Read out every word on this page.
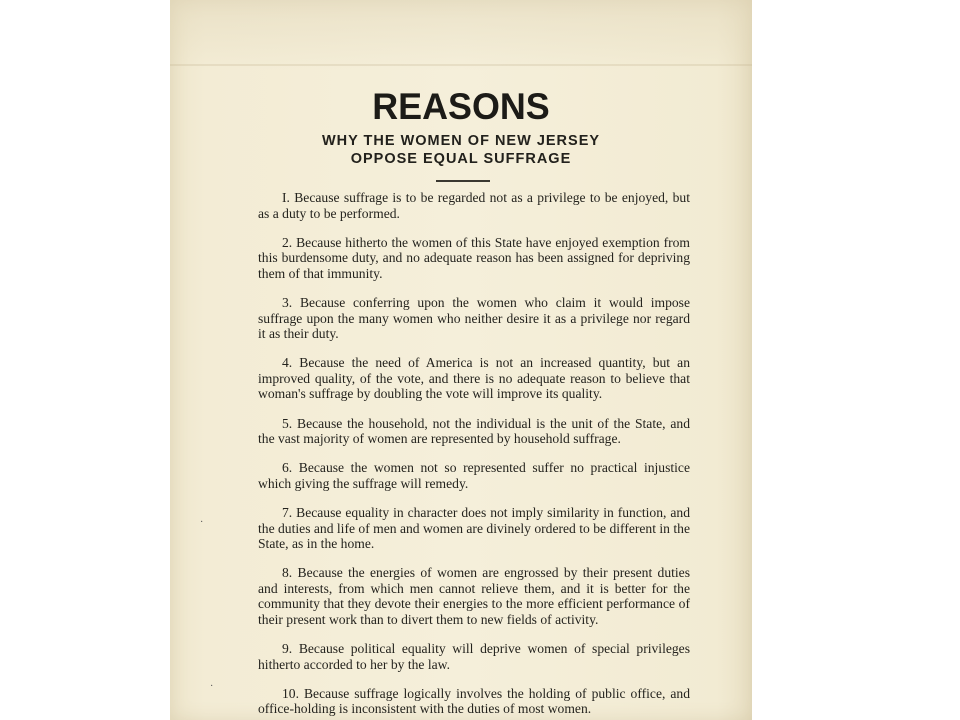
REASONS
WHY THE WOMEN OF NEW JERSEY
OPPOSE EQUAL SUFFRAGE

I. Because suffrage is to be regarded not as a privilege to be enjoyed, but as a duty to be performed.

2. Because hitherto the women of this State have enjoyed exemption from this burdensome duty, and no adequate reason has been assigned for depriving them of that immunity.

3. Because conferring upon the women who claim it would impose suffrage upon the many women who neither desire it as a privilege nor regard it as their duty.

4. Because the need of America is not an increased quantity, but an improved quality, of the vote, and there is no adequate reason to believe that woman's suffrage by doubling the vote will improve its quality.

5. Because the household, not the individual is the unit of the State, and the vast majority of women are represented by household suffrage.

6. Because the women not so represented suffer no practical injustice which giving the suffrage will remedy.

7. Because equality in character does not imply similarity in function, and the duties and life of men and women are divinely ordered to be different in the State, as in the home.

8. Because the energies of women are engrossed by their present duties and interests, from which men cannot relieve them, and it is better for the community that they devote their energies to the more efficient performance of their present work than to divert them to new fields of activity.

9. Because political equality will deprive women of special privileges hitherto accorded to her by the law.

10. Because suffrage logically involves the holding of public office, and office-holding is inconsistent with the duties of most women.

·
·
